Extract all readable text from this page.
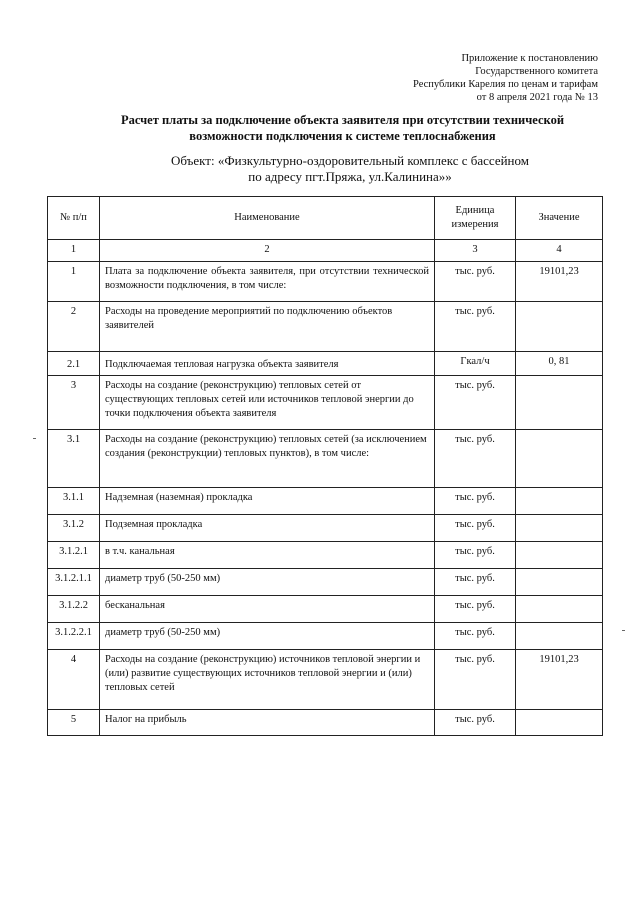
Приложение к постановлению
Государственного комитета
Республики Карелия по ценам и тарифам
от 8 апреля 2021 года № 13
Расчет платы за подключение объекта заявителя при отсутствии технической
возможности подключения к системе теплоснабжения
Объект: «Физкультурно-оздоровительный комплекс с бассейном
по адресу пгт.Пряжа, ул.Калинина»»
№ п/п	Наименование	Единица измерения	Значение
1	2	3	4
1	Плата за подключение объекта заявителя, при отсутствии технической возможности подключения, в том числе:	тыс. руб.	19101,23
2	Расходы на проведение мероприятий по подключению объектов заявителей	тыс. руб.	
2.1	Подключаемая тепловая нагрузка объекта заявителя	Гкал/ч	0, 81
3	Расходы на создание (реконструкцию) тепловых сетей от существующих тепловых сетей или источников тепловой энергии до точки подключения объекта заявителя	тыс. руб.	
3.1	Расходы на создание (реконструкцию) тепловых сетей (за исключением создания (реконструкции) тепловых пунктов), в том числе:	тыс. руб.	
3.1.1	Надземная (наземная) прокладка	тыс. руб.	
3.1.2	Подземная прокладка	тыс. руб.	
3.1.2.1	в т.ч. канальная	тыс. руб.	
3.1.2.1.1	диаметр труб (50-250 мм)	тыс. руб.	
3.1.2.2	бесканальная	тыс. руб.	
3.1.2.2.1	диаметр труб (50-250 мм)	тыс. руб.	
4	Расходы на создание (реконструкцию) источников тепловой энергии и (или) развитие существующих источников тепловой энергии и (или) тепловых сетей	тыс. руб.	19101,23
5	Налог на прибыль	тыс. руб.	
